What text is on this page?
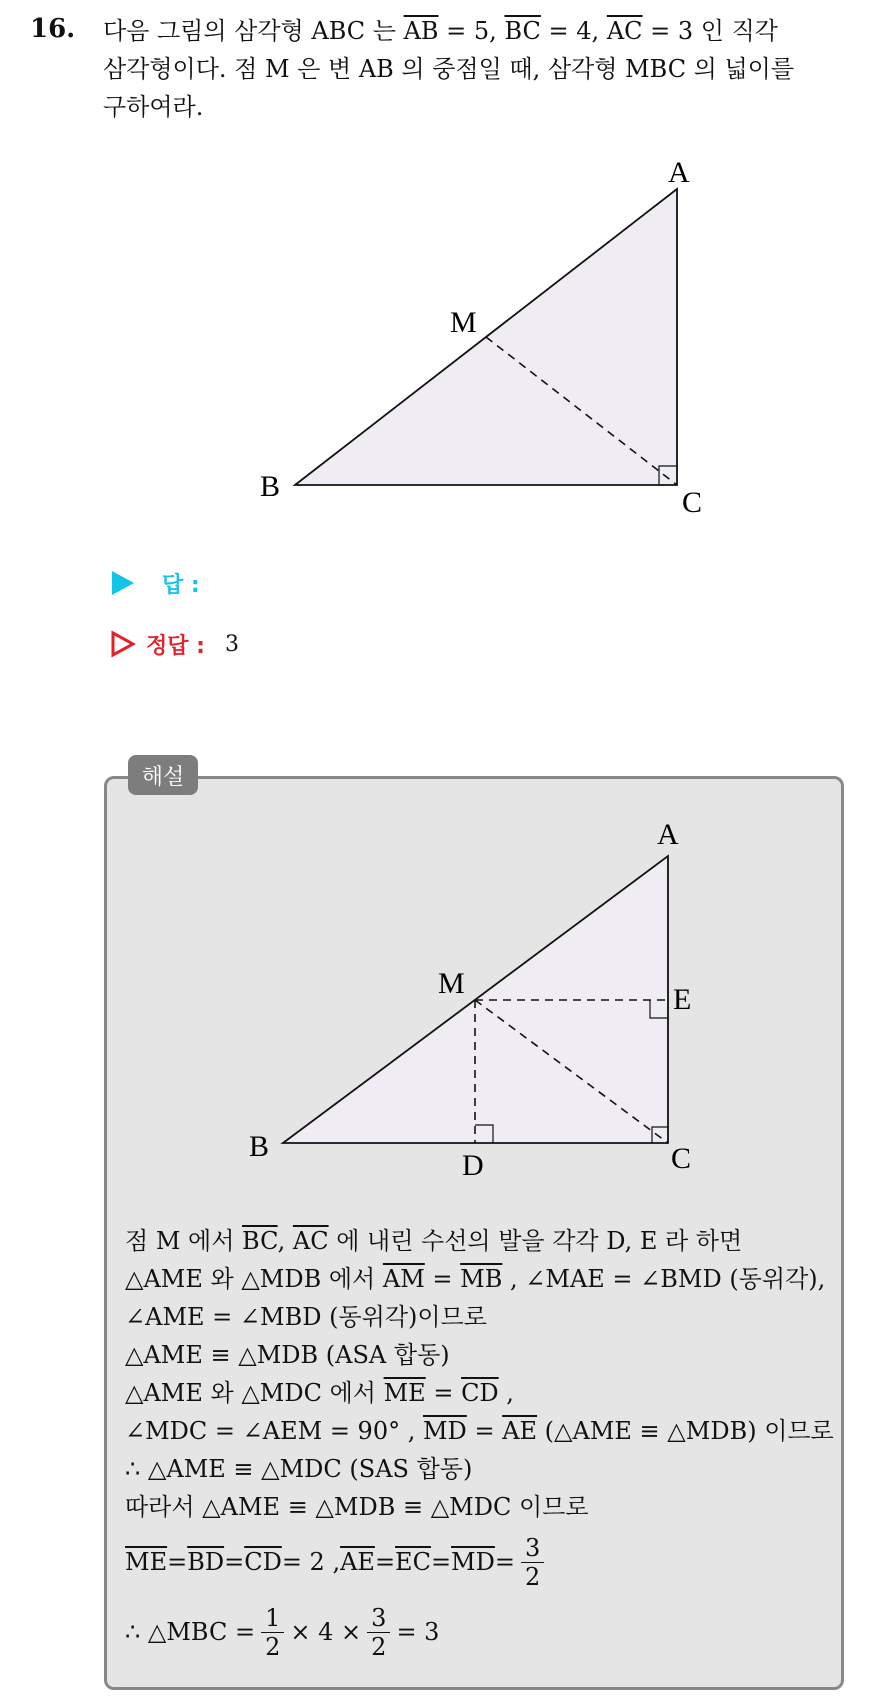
16. 다음 그림의 삼각형 ABC 는 $\overline{AB} = 5$, $\overline{BC} = 4$, $\overline{AC} = 3$ 인 직각
삼각형이다. 점 M 은 변 AB 의 중점일 때, 삼각형 MBC 의 넓이를
구하여라.
A
B	C
M
답 :
정답 : 3
해설
A
B	C
M
D
E
점 M 에서 $\overline{BC}$, $\overline{AC}$ 에 내린 수선의 발을 각각 D, E 라 하면
△AME 와 △MDB 에서 $\overline{AM} = \overline{MB}$ , ∠MAE = ∠BMD (동위각),
∠AME = ∠MBD (동위각)이므로
△AME ≡ △MDB (ASA 합동)
△AME 와 △MDC 에서 $\overline{ME} = \overline{CD}$ ,
∠MDC = ∠AEM = 90° , $\overline{MD} = \overline{AE}$ (△AME ≡ △MDB) 이므로
∴ △AME ≡ △MDC (SAS 합동)
따라서 △AME ≡ △MDB ≡ △MDC 이므로
$\overline{ME} = \overline{BD} = \overline{CD} = 2$ , $\overline{AE} = \overline{EC} = \overline{MD} = \frac{3}{2}$
∴ △MBC = $\frac{1}{2} \times 4 \times \frac{3}{2} = 3$
